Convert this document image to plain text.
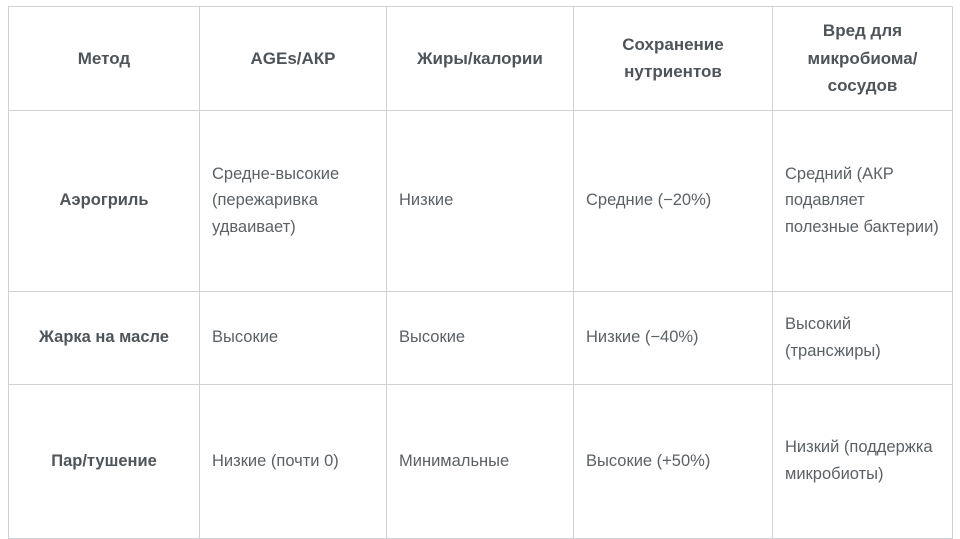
Метод	AGEs/АКР	Жиры/калории	Сохранение нутриентов	Вред для микробиома/ сосудов
Аэрогриль	Средне-высокие (пережаривка удваивает)	Низкие	Средние (−20%)	Средний (АКР подавляет полезные бактерии)
Жарка на масле	Высокие	Высокие	Низкие (−40%)	Высокий (трансжиры)
Пар/тушение	Низкие (почти 0)	Минимальные	Высокие (+50%)	Низкий (поддержка микробиоты)
